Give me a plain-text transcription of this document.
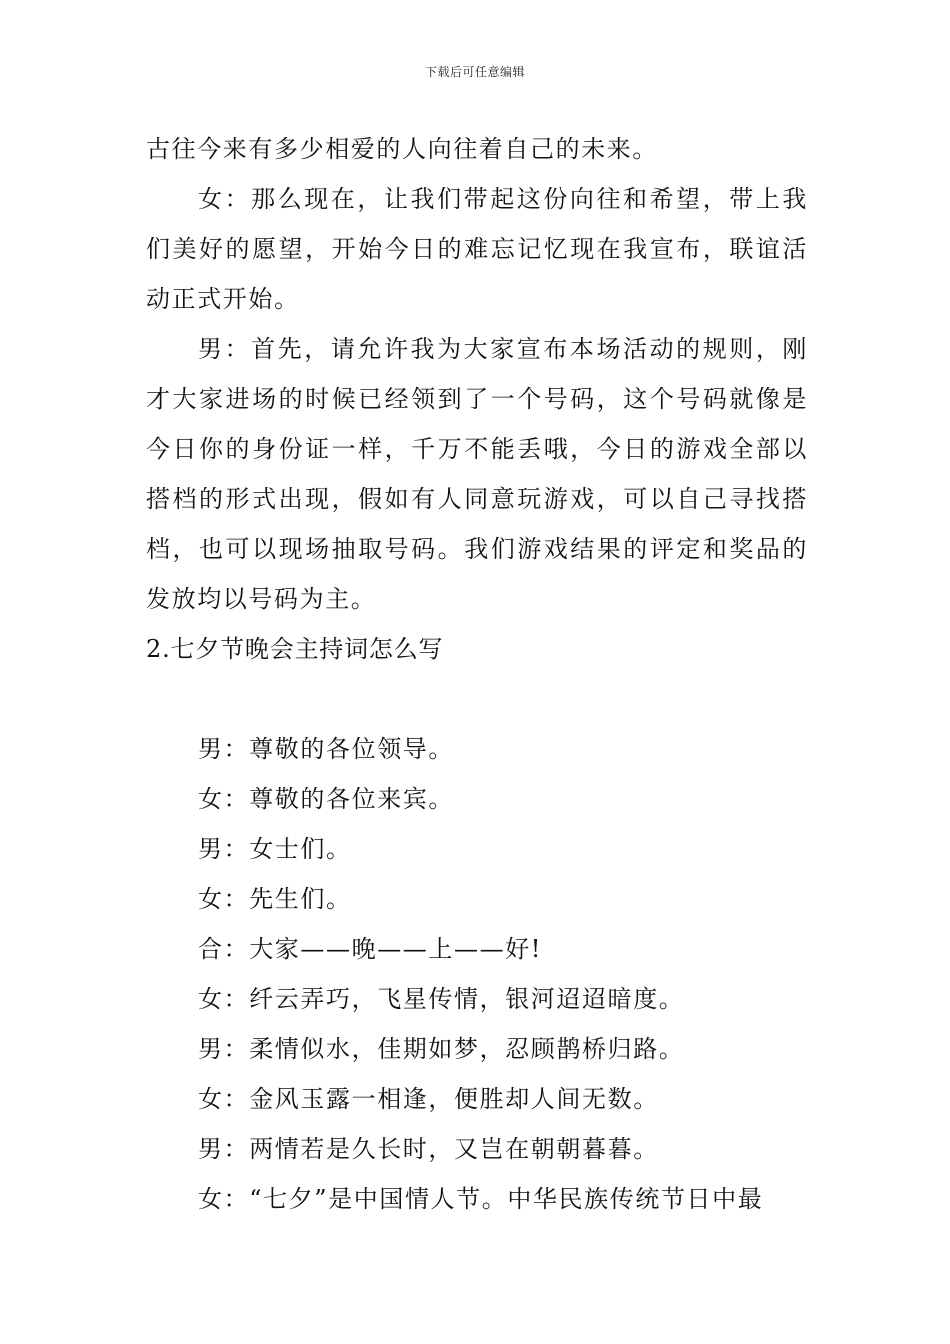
下载后可任意编辑

古往今来有多少相爱的人向往着自己的未来。

女：那么现在，让我们带起这份向往和希望，带上我们美好的愿望，开始今日的难忘记忆现在我宣布，联谊活动正式开始。

男：首先，请允许我为大家宣布本场活动的规则，刚才大家进场的时候已经领到了一个号码，这个号码就像是今日你的身份证一样，千万不能丢哦，今日的游戏全部以搭档的形式出现，假如有人同意玩游戏，可以自己寻找搭档，也可以现场抽取号码。我们游戏结果的评定和奖品的发放均以号码为主。

2.七夕节晚会主持词怎么写

男：尊敬的各位领导。

女：尊敬的各位来宾。

男：女士们。

女：先生们。

合：大家——晚——上——好!

女：纤云弄巧，飞星传情，银河迢迢暗度。

男：柔情似水，佳期如梦，忍顾鹊桥归路。

女：金风玉露一相逢，便胜却人间无数。

男：两情若是久长时，又岂在朝朝暮暮。

女：“七夕”是中国情人节。中华民族传统节日中最
